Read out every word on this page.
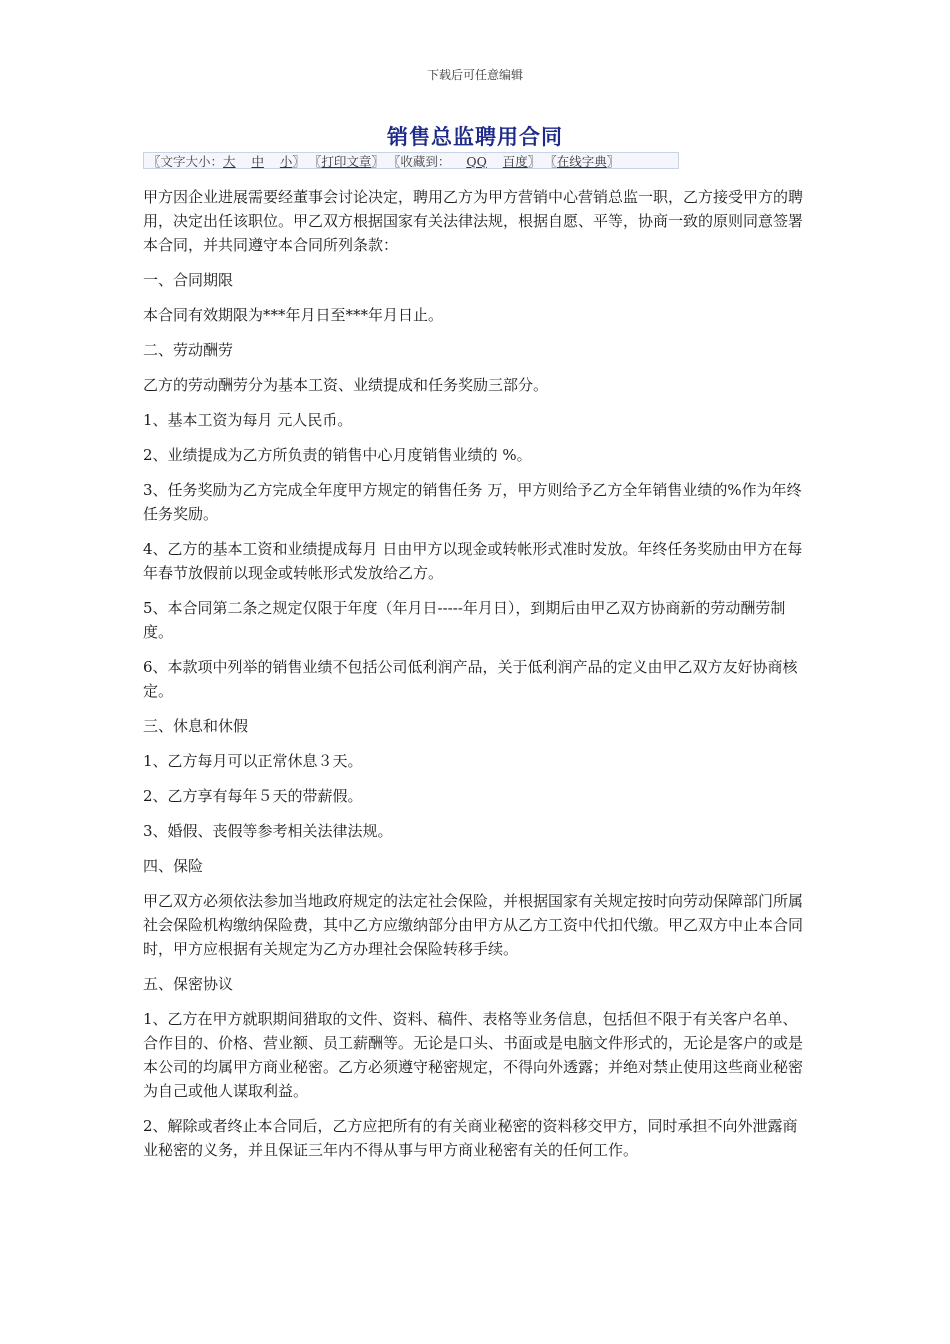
下载后可任意编辑
销售总监聘用合同
〖文字大小：大 中 小〗 〖打印文章〗 〖收藏到： QQ 百度〗 〖在线字典〗

甲方因企业进展需要经董事会讨论决定，聘用乙方为甲方营销中心营销总监一职，乙方接受甲方的聘用，决定出任该职位。甲乙双方根据国家有关法律法规，根据自愿、平等，协商一致的原则同意签署本合同，并共同遵守本合同所列条款：

一、合同期限

本合同有效期限为***年月日至***年月日止。

二、劳动酬劳

乙方的劳动酬劳分为基本工资、业绩提成和任务奖励三部分。

1、基本工资为每月 元人民币。

2、业绩提成为乙方所负责的销售中心月度销售业绩的 %。

3、任务奖励为乙方完成全年度甲方规定的销售任务 万，甲方则给予乙方全年销售业绩的%作为年终任务奖励。

4、乙方的基本工资和业绩提成每月 日由甲方以现金或转帐形式准时发放。年终任务奖励由甲方在每年春节放假前以现金或转帐形式发放给乙方。

5、本合同第二条之规定仅限于年度（年月日-----年月日），到期后由甲乙双方协商新的劳动酬劳制度。

6、本款项中列举的销售业绩不包括公司低利润产品，关于低利润产品的定义由甲乙双方友好协商核定。

三、休息和休假

1、乙方每月可以正常休息３天。

2、乙方享有每年５天的带薪假。

3、婚假、丧假等参考相关法律法规。

四、保险

甲乙双方必须依法参加当地政府规定的法定社会保险，并根据国家有关规定按时向劳动保障部门所属社会保险机构缴纳保险费，其中乙方应缴纳部分由甲方从乙方工资中代扣代缴。甲乙双方中止本合同时，甲方应根据有关规定为乙方办理社会保险转移手续。

五、保密协议

1、乙方在甲方就职期间猎取的文件、资料、稿件、表格等业务信息，包括但不限于有关客户名单、合作目的、价格、营业额、员工薪酬等。无论是口头、书面或是电脑文件形式的，无论是客户的或是本公司的均属甲方商业秘密。乙方必须遵守秘密规定，不得向外透露；并绝对禁止使用这些商业秘密为自己或他人谋取利益。

2、解除或者终止本合同后，乙方应把所有的有关商业秘密的资料移交甲方，同时承担不向外泄露商业秘密的义务，并且保证三年内不得从事与甲方商业秘密有关的任何工作。
